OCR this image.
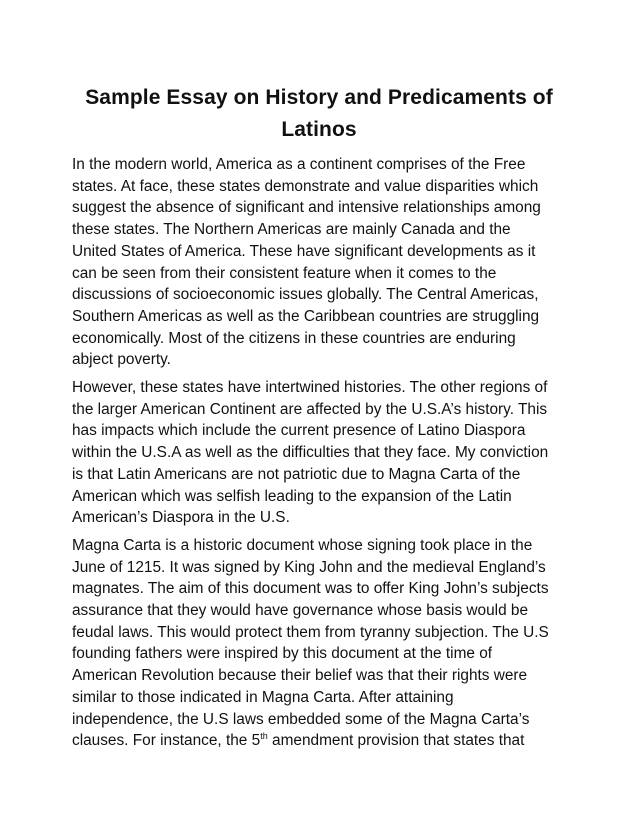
Sample Essay on History and Predicaments of Latinos

In the modern world, America as a continent comprises of the Free states. At face, these states demonstrate and value disparities which suggest the absence of significant and intensive relationships among these states. The Northern Americas are mainly Canada and the United States of America. These have significant developments as it can be seen from their consistent feature when it comes to the discussions of socioeconomic issues globally. The Central Americas, Southern Americas as well as the Caribbean countries are struggling economically. Most of the citizens in these countries are enduring abject poverty.

However, these states have intertwined histories. The other regions of the larger American Continent are affected by the U.S.A’s history. This has impacts which include the current presence of Latino Diaspora within the U.S.A as well as the difficulties that they face. My conviction is that Latin Americans are not patriotic due to Magna Carta of the American which was selfish leading to the expansion of the Latin American’s Diaspora in the U.S.

Magna Carta is a historic document whose signing took place in the June of 1215. It was signed by King John and the medieval England’s magnates. The aim of this document was to offer King John’s subjects assurance that they would have governance whose basis would be feudal laws. This would protect them from tyranny subjection. The U.S founding fathers were inspired by this document at the time of American Revolution because their belief was that their rights were similar to those indicated in Magna Carta. After attaining independence, the U.S laws embedded some of the Magna Carta’s clauses. For instance, the 5th amendment provision that states that
